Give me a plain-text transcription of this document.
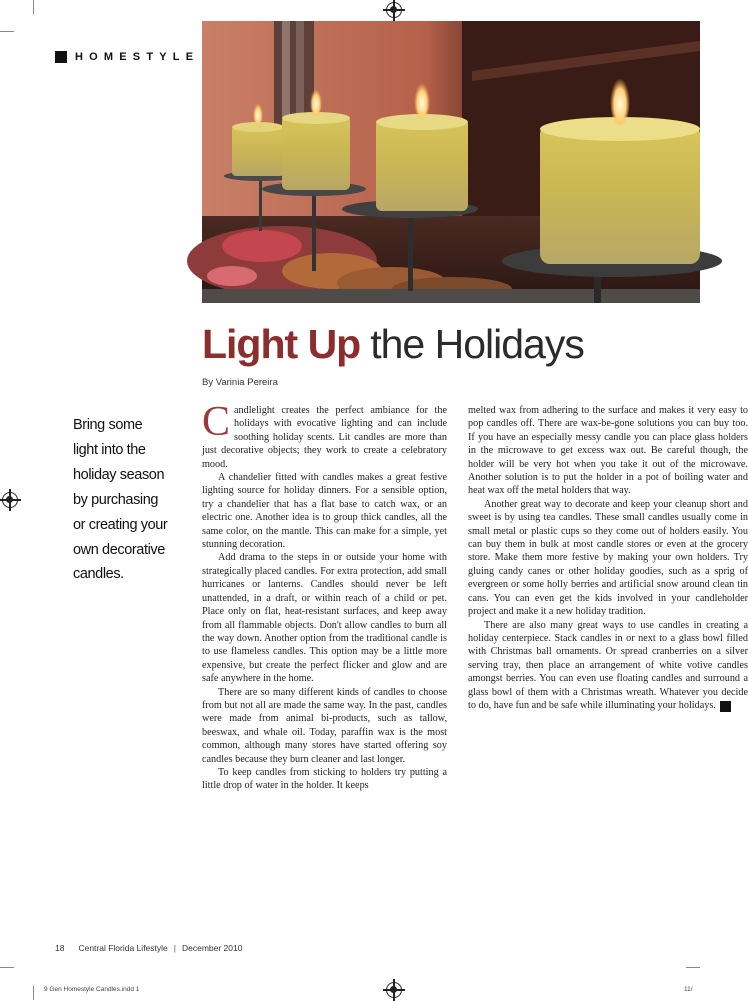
HOMESTYLE
Light Up the Holidays
By Varinia Pereira
Bring some
light into the
holiday season
by purchasing
or creating your
own decorative
candles.

Candlelight creates the perfect ambiance for the holidays with evocative lighting and can include soothing holiday scents. Lit candles are more than just decorative objects; they work to create a celebratory mood.

A chandelier fitted with candles makes a great festive lighting source for holiday dinners. For a sensible option, try a chandelier that has a flat base to catch wax, or an electric one. Another idea is to group thick candles, all the same color, on the mantle. This can make for a simple, yet stunning decoration.

Add drama to the steps in or outside your home with strategically placed candles. For extra protection, add small hurricanes or lanterns. Candles should never be left unattended, in a draft, or within reach of a child or pet. Place only on flat, heat-resistant surfaces, and keep away from all flammable objects. Don't allow candles to burn all the way down. Another option from the traditional candle is to use flameless candles. This option may be a little more expensive, but create the perfect flicker and glow and are safe anywhere in the home.

There are so many different kinds of candles to choose from but not all are made the same way. In the past, candles were made from animal bi-products, such as tallow, beeswax, and whale oil. Today, paraffin wax is the most common, although many stores have started offering soy candles because they burn cleaner and last longer.

To keep candles from sticking to holders try putting a little drop of water in the holder. It keeps

melted wax from adhering to the surface and makes it very easy to pop candles off. There are wax-be-gone solutions you can buy too. If you have an especially messy candle you can place glass holders in the microwave to get excess wax out. Be careful though, the holder will be very hot when you take it out of the microwave. Another solution is to put the holder in a pot of boiling water and heat wax off the metal holders that way.

Another great way to decorate and keep your cleanup short and sweet is by using tea candles. These small candles usually come in small metal or plastic cups so they come out of holders easily. You can buy them in bulk at most candle stores or even at the grocery store. Make them more festive by making your own holders. Try gluing candy canes or other holiday goodies, such as a sprig of evergreen or some holly berries and artificial snow around clean tin cans. You can even get the kids involved in your candleholder project and make it a new holiday tradition.

There are also many great ways to use candles in creating a holiday centerpiece. Stack candles in or next to a glass bowl filled with Christmas ball ornaments. Or spread cranberries on a silver serving tray, then place an arrangement of white votive candles amongst berries. You can even use floating candles and surround a glass bowl of them with a Christmas wreath. Whatever you decide to do, have fun and be safe while illuminating your holidays. L

18 Central Florida Lifestyle | December 2010
9 Gen Homestyle Candles.indd 1	11/
